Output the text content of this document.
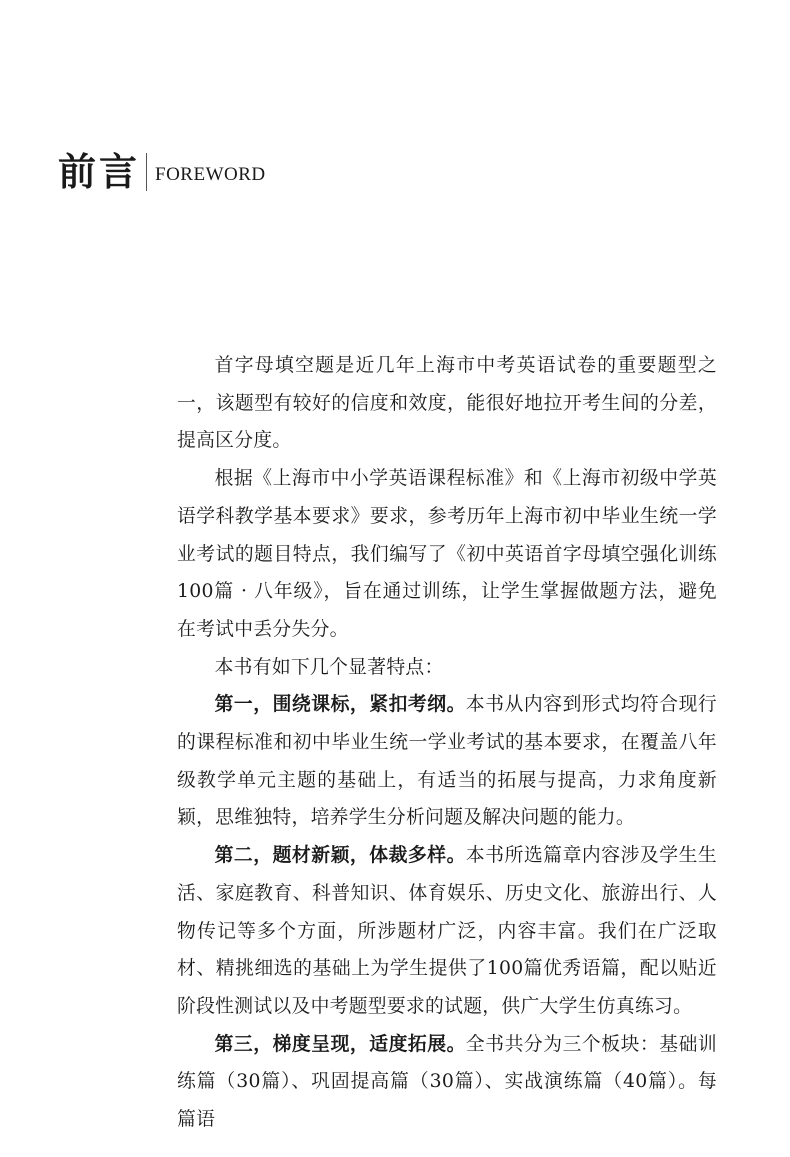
前言 FOREWORD

首字母填空题是近几年上海市中考英语试卷的重要题型之一，该题型有较好的信度和效度，能很好地拉开考生间的分差，提高区分度。

根据《上海市中小学英语课程标准》和《上海市初级中学英语学科教学基本要求》要求，参考历年上海市初中毕业生统一学业考试的题目特点，我们编写了《初中英语首字母填空强化训练100篇 · 八年级》，旨在通过训练，让学生掌握做题方法，避免在考试中丢分失分。

本书有如下几个显著特点：

第一，围绕课标，紧扣考纲。本书从内容到形式均符合现行的课程标准和初中毕业生统一学业考试的基本要求，在覆盖八年级教学单元主题的基础上，有适当的拓展与提高，力求角度新颖，思维独特，培养学生分析问题及解决问题的能力。

第二，题材新颖，体裁多样。本书所选篇章内容涉及学生生活、家庭教育、科普知识、体育娱乐、历史文化、旅游出行、人物传记等多个方面，所涉题材广泛，内容丰富。我们在广泛取材、精挑细选的基础上为学生提供了100篇优秀语篇，配以贴近阶段性测试以及中考题型要求的试题，供广大学生仿真练习。

第三，梯度呈现，适度拓展。全书共分为三个板块：基础训练篇（30篇）、巩固提高篇（30篇）、实战演练篇（40篇）。每篇语
